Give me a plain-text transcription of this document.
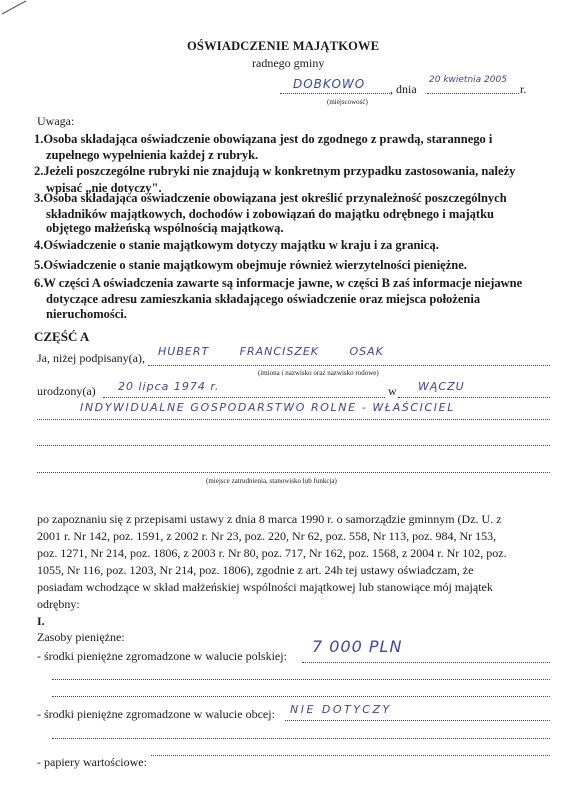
OŚWIADCZENIE MAJĄTKOWE
radnego gminy
DOBKOWO , dnia
20 kwietnia 2005
r.
(miejscowość)
Uwaga:
1.Osoba składająca oświadczenie obowiązana jest do zgodnego z prawdą, starannego i
zupełnego wypełnienia każdej z rubryk.
2.Jeżeli poszczególne rubryki nie znajdują w konkretnym przypadku zastosowania, należy
wpisać „nie dotyczy".
3.Osoba składająca oświadczenie obowiązana jest określić przynależność poszczególnych
składników majątkowych, dochodów i zobowiązań do majątku odrębnego i majątku
objętego małżeńską wspólnością majątkową.
4.Oświadczenie o stanie majątkowym dotyczy majątku w kraju i za granicą.
5.Oświadczenie o stanie majątkowym obejmuje również wierzytelności pieniężne.
6.W części A oświadczenia zawarte są informacje jawne, w części B zaś informacje niejawne
dotyczące adresu zamieszkania składającego oświadczenie oraz miejsca położenia
nieruchomości.
CZĘŚĆ A
Ja, niżej podpisany(a), HUBERT FRANCISZEK OSAK
(imiona i nazwisko oraz nazwisko rodowe)
urodzony(a) 20 lipca 1974 r.	w WĄCZU
INDYWIDUALNE GOSPODARSTWO ROLNE - WŁAŚCICIEL
(miejsce zatrudnienia, stanowisko lub funkcja)
po zapoznaniu się z przepisami ustawy z dnia 8 marca 1990 r. o samorządzie gminnym (Dz. U. z
2001 r. Nr 142, poz. 1591, z 2002 r. Nr 23, poz. 220, Nr 62, poz. 558, Nr 113, poz. 984, Nr 153,
poz. 1271, Nr 214, poz. 1806, z 2003 r. Nr 80, poz. 717, Nr 162, poz. 1568, z 2004 r. Nr 102, poz.
1055, Nr 116, poz. 1203, Nr 214, poz. 1806), zgodnie z art. 24h tej ustawy oświadczam, że
posiadam wchodzące w skład małżeńskiej wspólności majątkowej lub stanowiące mój majątek
odrębny:
I.
Zasoby pieniężne:
- środki pieniężne zgromadzone w walucie polskiej: 7 000 PLN
- środki pieniężne zgromadzone w walucie obcej: NIE DOTYCZY
- papiery wartościowe:
